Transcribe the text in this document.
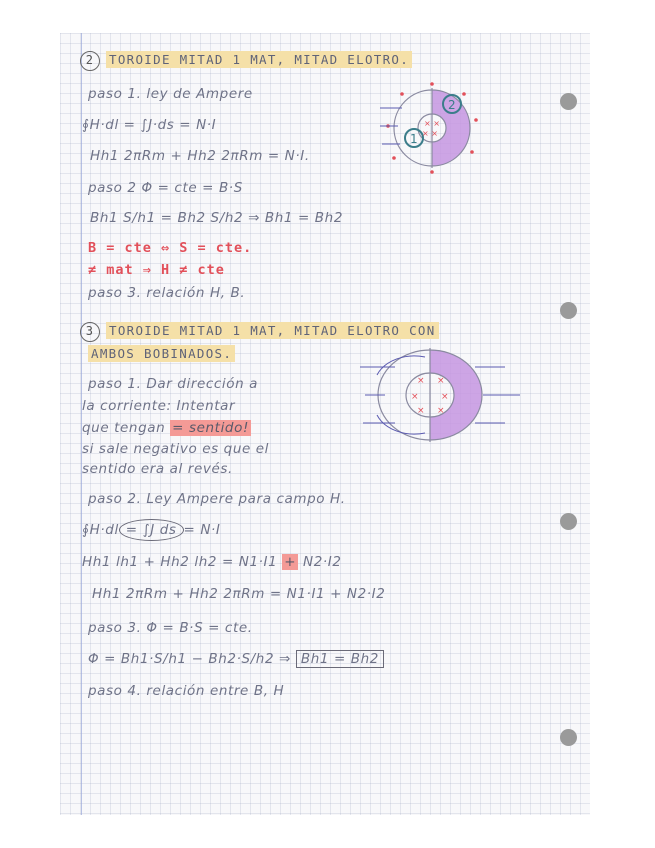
2 TOROIDE MITAD 1 MAT, MITAD ELOTRO.
paso 1. ley de Ampere
∮H·dl = ∫J·ds = N·I
Hh1 2πRm + Hh2 2πRm = N·I.
paso 2 Φ = cte = B·S
Bh1 S/h1 = Bh2 S/h2 ⇒ Bh1 = Bh2
B = cte ⇔ S = cte.
≠ mat ⇒ H ≠ cte
paso 3. relación H, B.
2
1
× ×
× ×
3 TOROIDE MITAD 1 MAT, MITAD ELOTRO CON
AMBOS BOBINADOS.
paso 1. Dar dirección a
la corriente: Intentar
que tengan = sentido!
si sale negativo es que el
sentido era al revés.
× ×
× ×
× ×
paso 2. Ley Ampere para campo H.
∮H·dl = ∫J ds = N·I
Hh1 lh1 + Hh2 lh2 = N1·I1 + N2·I2
Hh1 2πRm + Hh2 2πRm = N1·I1 + N2·I2
paso 3. Φ = B·S = cte.
Φ = Bh1·S/h1 − Bh2·S/h2 ⇒ Bh1 = Bh2
paso 4. relación entre B, H
